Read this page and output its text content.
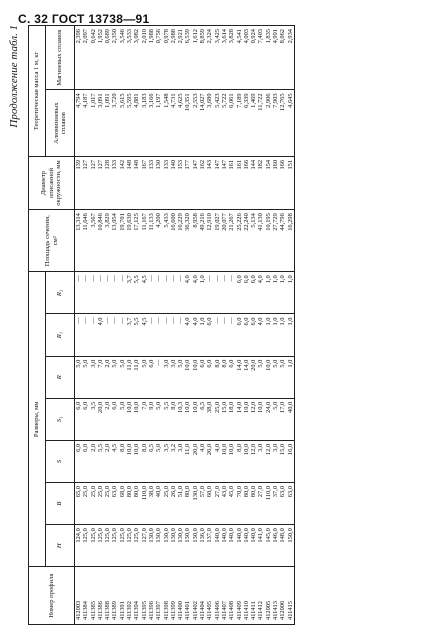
С. 32 ГОСТ 13738—91
Продолжение табл. 1
Номер профиля	Размеры, мм							Площадь сечения, см²	Диаметр описанной окружности, мм	Теоретическая масса 1 м, кг	
	H	B	S	S₁	R	R₁	R₂			Алюминиевых сплавов	Магниевых сплавов
412003	124,0	65,0	6,0	6,0	5,0	—	—	13,314	139	4,794	2,396
411384	125,0	25,0	6,0	6,0	5,0	—	—	11,646	127	4,187	2,097
411385	125,0	25,0	2,0	3,5	3,0	—	—	3,567	127	1,017	0,642
411386	125,0	25,0	5,5	20,0	7,0	4,0	—	10,846	127	3,091	1,952
411388	125,0	25,0	2,0	2,0	2,0	—	—	3,829	128	1,091	0,689
411389	125,0	63,0	4,5	6,0	5,0	—	—	13,054	133	3,720	2,350
411391	125,0	68,0	8,0	5,0	5,0	—	—	19,701	142	5,615	3,546
411392	125,0	80,0	10,0	10,0	11,0	3,7	3,7	19,630	148	5,595	3,533
411394	125,0	80,0	10,0	10,0	11,0	5,5	5,5	17,125	148	4,881	3,082
411395	127,0	110,0	8,0	7,0	5,0	4,5	4,5	11,167	167	3,183	2,010
411396	130,0	38,0	6,5	9,0	6,0	—	—	11,133	133	3,166	1,988
411397	130,0	40,0	5,0	5,0	—	—	—	4,200	130	1,197	0,756
411398	130,0	25,0	3,5	5,5	3,0	—	—	5,433	133	1,548	0,978
411399	130,0	26,0	3,2	8,0	3,0	—	—	16,600	140	4,731	2,988
411400	130,0	51,0	3,0	10,3	5,0	—	—	16,229	153	4,625	2,921
411401	130,0	80,0	11,0	10,0	10,0	4,0	4,0	36,320	177	10,351	6,539
411402	130,0	130,0	20,0	10,0	10,0	4,0	4,0	8,958	147	2,553	1,612
411404	136,0	57,0	4,0	6,5	6,0	1,0	1,0	49,216	162	14,027	8,859
411405	137,0	60,0	26,0	38,0	6,0	6,0	—	12,910	143	3,680	2,324
411406	140,0	27,0	4,0	25,0	8,0	—	—	19,027	147	5,423	3,425
411407	140,0	43,0	10,0	15,0	8,0	—	—	20,077	147	5,722	3,614
411408	140,0	45,0	10,0	18,0	6,0	—	—	21,267	161	6,061	3,828
411409	140,0	70,0	8,0	14,0	14,0	6,0	6,0	25,226	161	7,189	4,541
411410	140,0	80,0	10,0	10,0	14,0	6,0	6,0	22,240	166	6,339	4,003
411411	140,0	80,0	12,0	12,0	20,0	6,0	6,0	5,134	144	1,469	0,924
411412	141,0	27,0	3,0	10,0	5,0	4,0	4,0	41,130	182	11,722	7,403
412005	145,0	110,0	12,0	24,0	10,0	1,0	1,0	10,195	154	2,906	1,835
411413	146,0	37,0	3,0	5,0	5,0	1,0	1,0	27,729	160	7,903	4,991
412006	148,0	63,0	15,0	17,0	5,0	1,0	1,0	44,796	166	12,765	8,062
411415	150,0	63,0	16,0	40,0	1,0	1,0	1,0	16,298	151	4,645	2,934
